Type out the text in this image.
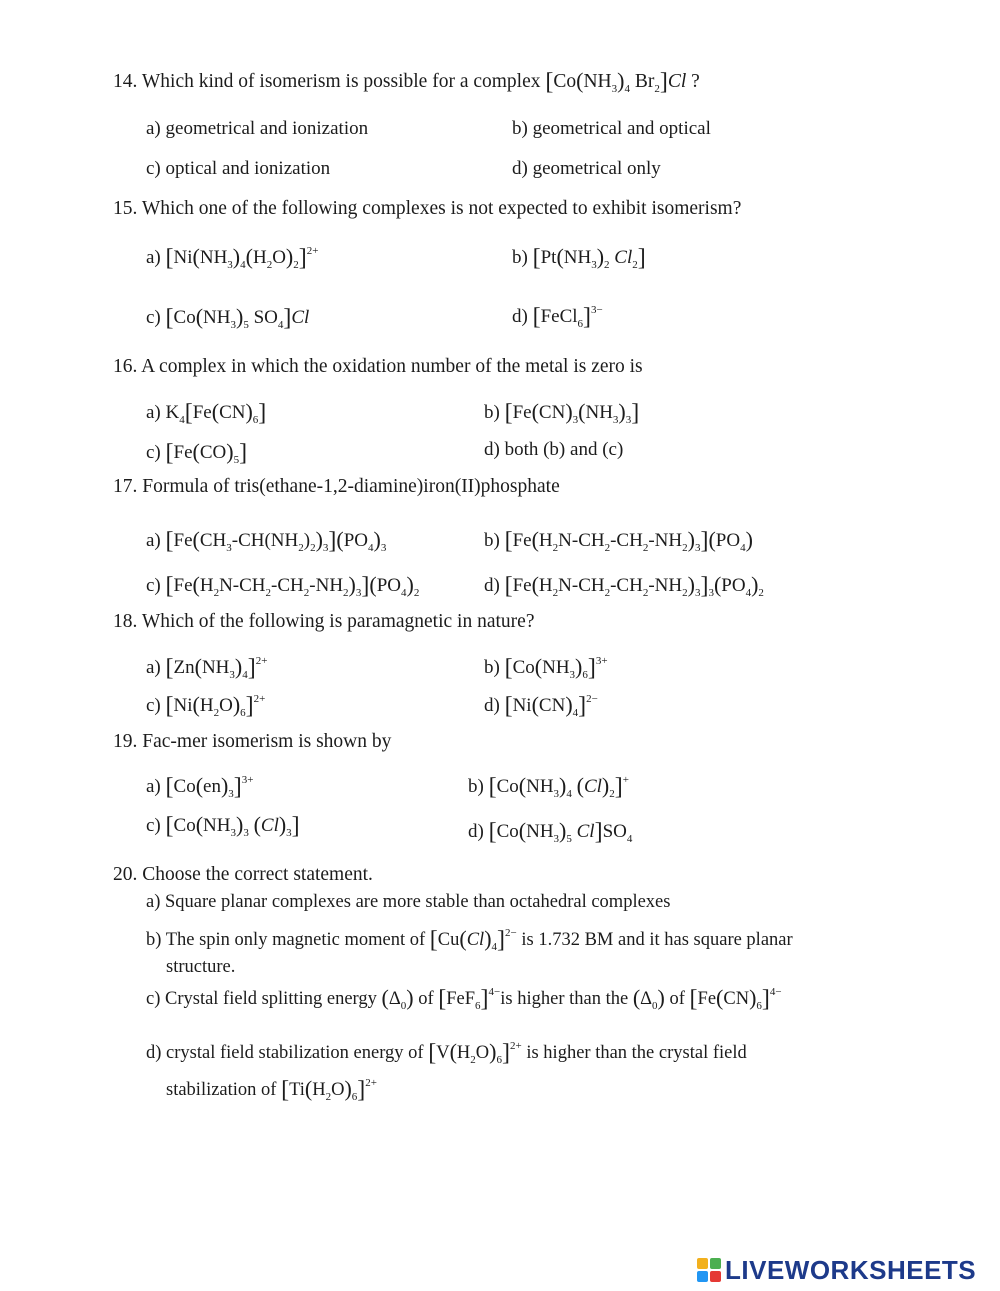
14. Which kind of isomerism is possible for a complex [$Co(NH_3)_4$ $Br_2]Cl$ ?
a) geometrical and ionization	b) geometrical and optical
c) optical and ionization	d) geometrical only
15. Which one of the following complexes is not expected to exhibit isomerism?
a) $[Ni(NH_3)_4(H_2O)_2]^{2+}$	b) [$Pt(NH_3)_2$ $Cl_2$]
c) [$Co(NH_3)_5$ $SO_4]Cl$	d) [FeCl$_6$]$^{3-}$
16. A complex in which the oxidation number of the metal is zero is
a) $K_4[Fe(CN)_6]$	b) $[Fe(CN)_3(NH_3)_3]$
c) $[Fe(CO)_5]$	d) both (b) and (c)
17. Formula of tris(ethane-1,2-diamine)iron(II)phosphate
a) $[Fe(CH_3-CH(NH_2)_2)_3](PO_4)_3$	b) $[Fe(H_2N-CH_2-CH_2-NH_2)_3](PO_4)$
c) $[Fe(H_2N-CH_2-CH_2-NH_2)_3](PO_4)_2$	d) $[Fe(H_2N-CH_2-CH_2-NH_2)_3]_3(PO_4)_2$
18. Which of the following is paramagnetic in nature?
a) $[Zn(NH_3)_4]^{2+}$	b) $[Co(NH_3)_6]^{3+}$
c) $[Ni(H_2O)_6]^{2+}$	d) $[Ni(CN)_4]^{2-}$
19. Fac-mer isomerism is shown by
a) $[Co(en)_3]^{3+}$	b) [$Co(NH_3)_4$ $(Cl)_2]^+$
c) [$Co(NH_3)_3$ $(Cl)_3$]	d) [$Co(NH_3)_5$ $Cl]SO_4$
20. Choose the correct statement.
a) Square planar complexes are more stable than octahedral complexes
b) The spin only magnetic moment of $[Cu(Cl)_4]^{2-}$ is 1.732 BM and it has square planar
structure.
c) Crystal field splitting energy $(\Delta_0)$ of $[FeF_6]^{4-}is$ higher than the $(\Delta_0)$ of $[Fe(CN)_6]^{4-}$
d) crystal field stabilization energy of $[V(H_2O)_6]^{2+}$ is higher than the crystal field
stabilization of $[Ti(H_2O)_6]^{2+}$
LIVEWORKSHEETS
